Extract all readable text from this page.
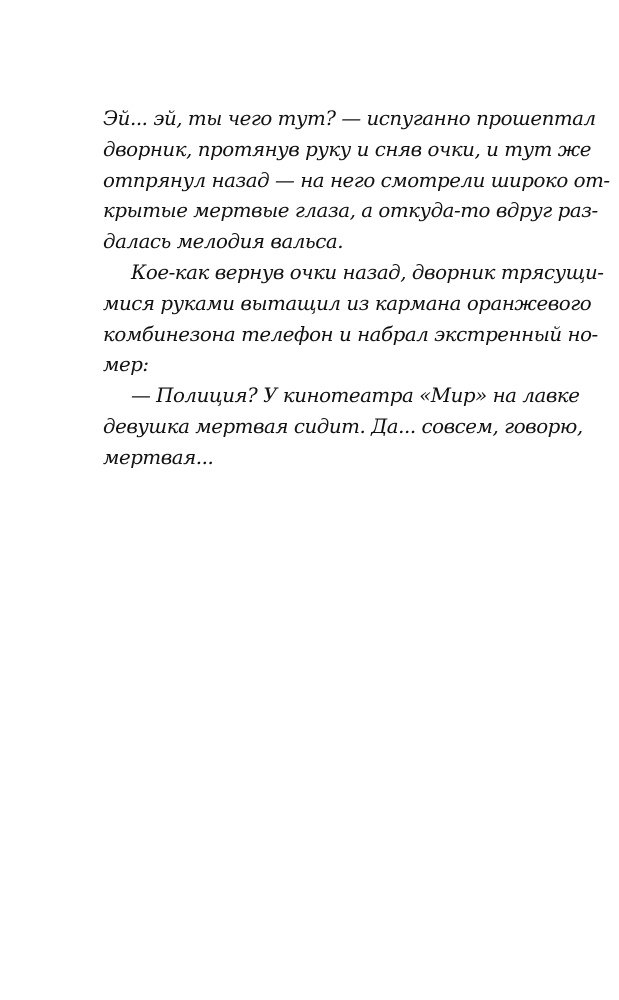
Эй... эй, ты чего тут? — испуганно прошептал
дворник, протянув руку и сняв очки, и тут же
отпрянул назад — на него смотрели широко от-
крытые мертвые глаза, а откуда-то вдруг раз-
далась мелодия вальса.
Кое-как вернув очки назад, дворник трясущи-
мися руками вытащил из кармана оранжевого
комбинезона телефон и набрал экстренный но-
мер:
— Полиция? У кинотеатра «Мир» на лавке
девушка мертвая сидит. Да... совсем, говорю,
мертвая...
